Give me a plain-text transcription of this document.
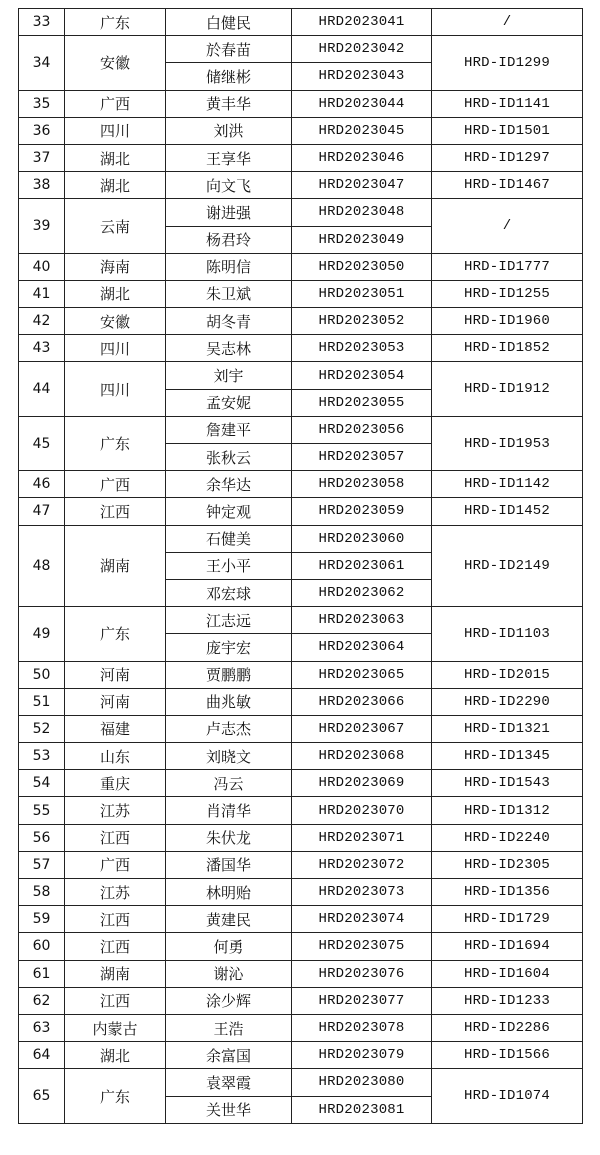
33	广东	白健民	HRD2023041	/
34	安徽	於春苗	HRD2023042	HRD-ID1299
		储继彬	HRD2023043	
35	广西	黄丰华	HRD2023044	HRD-ID1141
36	四川	刘洪	HRD2023045	HRD-ID1501
37	湖北	王享华	HRD2023046	HRD-ID1297
38	湖北	向文飞	HRD2023047	HRD-ID1467
39	云南	谢进强	HRD2023048	/
		杨君玲	HRD2023049	
40	海南	陈明信	HRD2023050	HRD-ID1777
41	湖北	朱卫斌	HRD2023051	HRD-ID1255
42	安徽	胡冬青	HRD2023052	HRD-ID1960
43	四川	吴志林	HRD2023053	HRD-ID1852
44	四川	刘宇	HRD2023054	HRD-ID1912
		孟安妮	HRD2023055	
45	广东	詹建平	HRD2023056	HRD-ID1953
		张秋云	HRD2023057	
46	广西	余华达	HRD2023058	HRD-ID1142
47	江西	钟定观	HRD2023059	HRD-ID1452
48	湖南	石健美	HRD2023060	HRD-ID2149
		王小平	HRD2023061	
		邓宏球	HRD2023062	
49	广东	江志远	HRD2023063	HRD-ID1103
		庞宇宏	HRD2023064	
50	河南	贾鹏鹏	HRD2023065	HRD-ID2015
51	河南	曲兆敏	HRD2023066	HRD-ID2290
52	福建	卢志杰	HRD2023067	HRD-ID1321
53	山东	刘晓文	HRD2023068	HRD-ID1345
54	重庆	冯云	HRD2023069	HRD-ID1543
55	江苏	肖清华	HRD2023070	HRD-ID1312
56	江西	朱伏龙	HRD2023071	HRD-ID2240
57	广西	潘国华	HRD2023072	HRD-ID2305
58	江苏	林明贻	HRD2023073	HRD-ID1356
59	江西	黄建民	HRD2023074	HRD-ID1729
60	江西	何勇	HRD2023075	HRD-ID1694
61	湖南	谢沁	HRD2023076	HRD-ID1604
62	江西	涂少辉	HRD2023077	HRD-ID1233
63	内蒙古	王浩	HRD2023078	HRD-ID2286
64	湖北	余富国	HRD2023079	HRD-ID1566
65	广东	袁翠霞	HRD2023080	HRD-ID1074
		关世华	HRD2023081	
